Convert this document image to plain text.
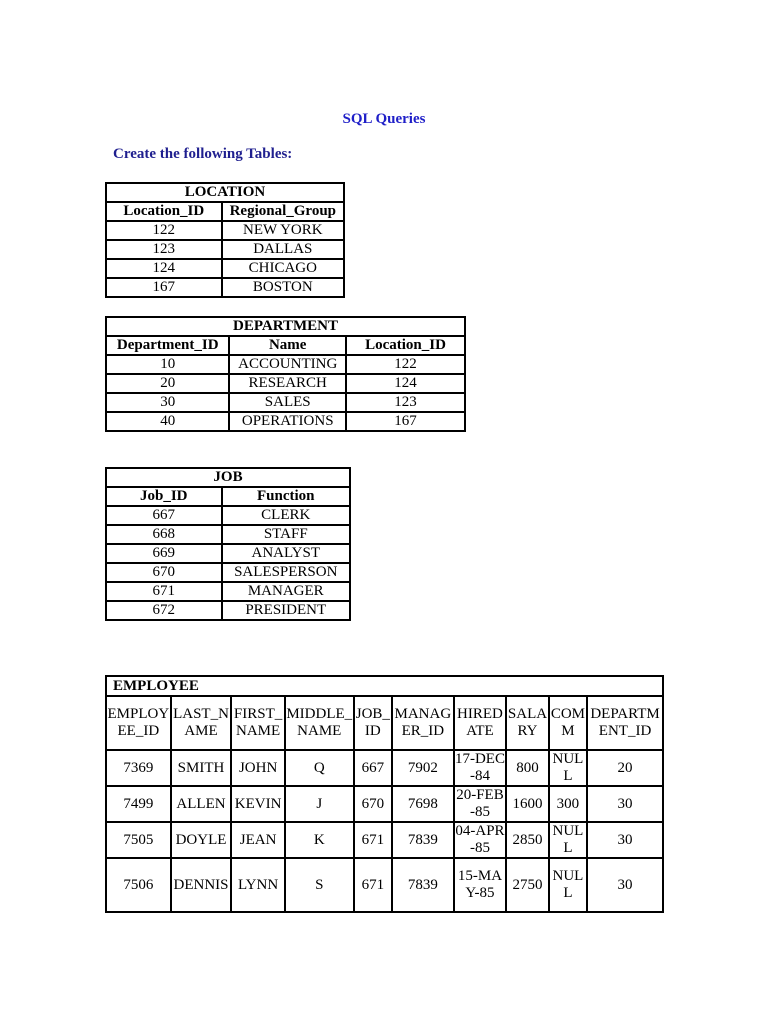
SQL Queries
Create the following Tables:
LOCATION	
Location_ID	Regional_Group
122	NEW YORK
123	DALLAS
124	CHICAGO
167	BOSTON
DEPARTMENT		
Department_ID	Name	Location_ID
10	ACCOUNTING	122
20	RESEARCH	124
30	SALES	123
40	OPERATIONS	167
JOB	
Job_ID	Function
667	CLERK
668	STAFF
669	ANALYST
670	SALESPERSON
671	MANAGER
672	PRESIDENT
EMPLOYEE									
EMPLOYEE_ID	LAST_NAME	FIRST_NAME	MIDDLE_NAME	JOB_ID	MANAGER_ID	HIREDATE	SALARY	COMM	DEPARTMENT_ID
7369	SMITH	JOHN	Q	667	7902	17-DEC-84	800	NULL	20
7499	ALLEN	KEVIN	J	670	7698	20-FEB-85	1600	300	30
7505	DOYLE	JEAN	K	671	7839	04-APR-85	2850	NULL	30
7506	DENNIS	LYNN	S	671	7839	15-MAY-85	2750	NULL	30
